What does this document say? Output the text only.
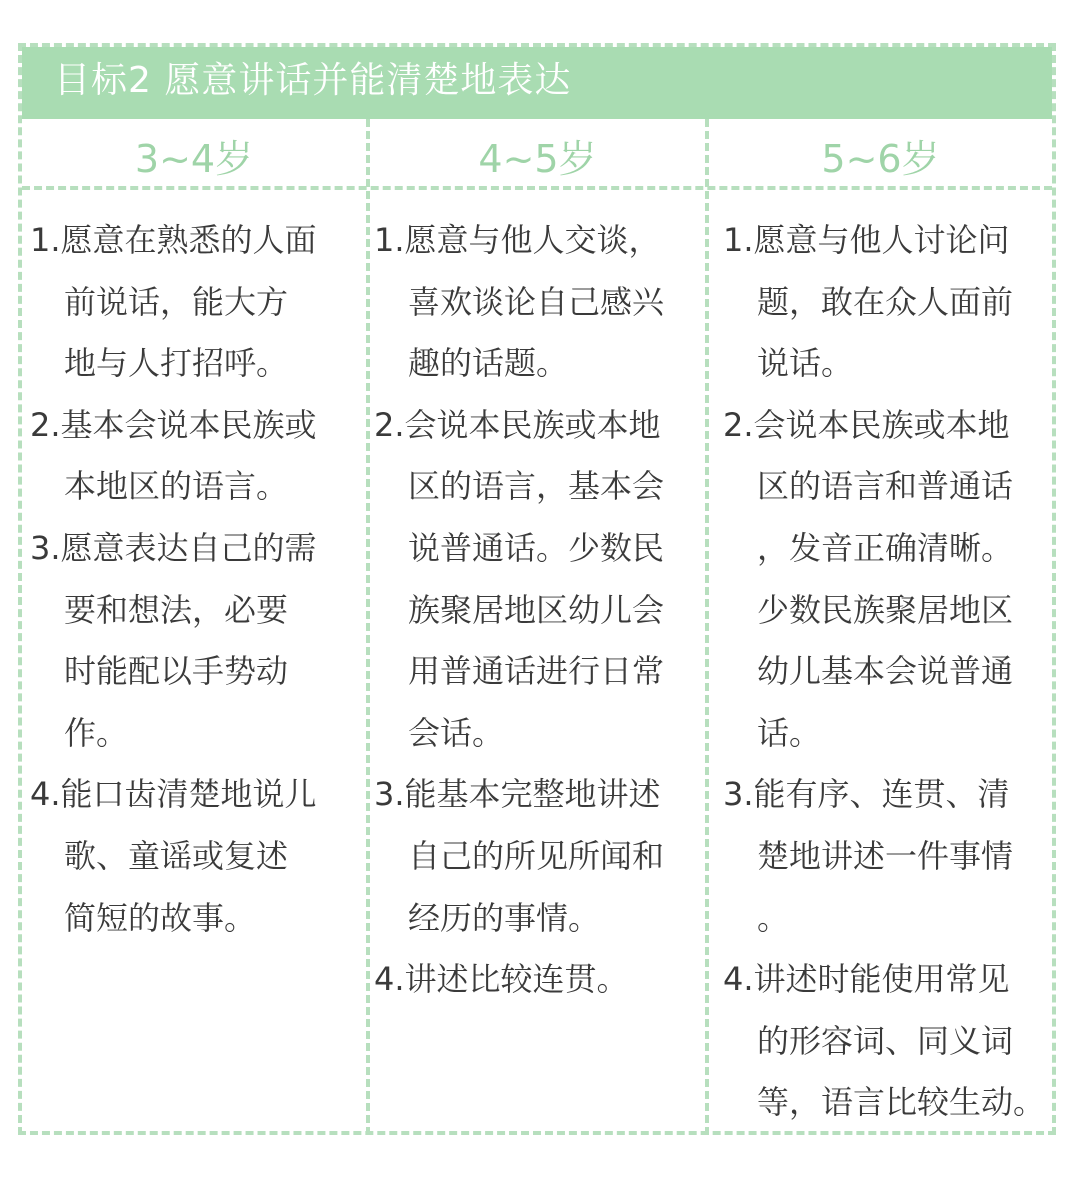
目标2 愿意讲话并能清楚地表达
3~4岁	4~5岁	5~6岁
1.愿意在熟悉的人面
前说话，能大方
地与人打招呼。
2.基本会说本民族或
本地区的语言。
3.愿意表达自己的需
要和想法，必要
时能配以手势动
作。
4.能口齿清楚地说儿
歌、童谣或复述
简短的故事。
1.愿意与他人交谈，
喜欢谈论自己感兴
趣的话题。
2.会说本民族或本地
区的语言，基本会
说普通话。少数民
族聚居地区幼儿会
用普通话进行日常
会话。
3.能基本完整地讲述
自己的所见所闻和
经历的事情。
4.讲述比较连贯。
1.愿意与他人讨论问
题，敢在众人面前
说话。
2.会说本民族或本地
区的语言和普通话
，发音正确清晰。
少数民族聚居地区
幼儿基本会说普通
话。
3.能有序、连贯、清
楚地讲述一件事情
。
4.讲述时能使用常见
的形容词、同义词
等，语言比较生动。
